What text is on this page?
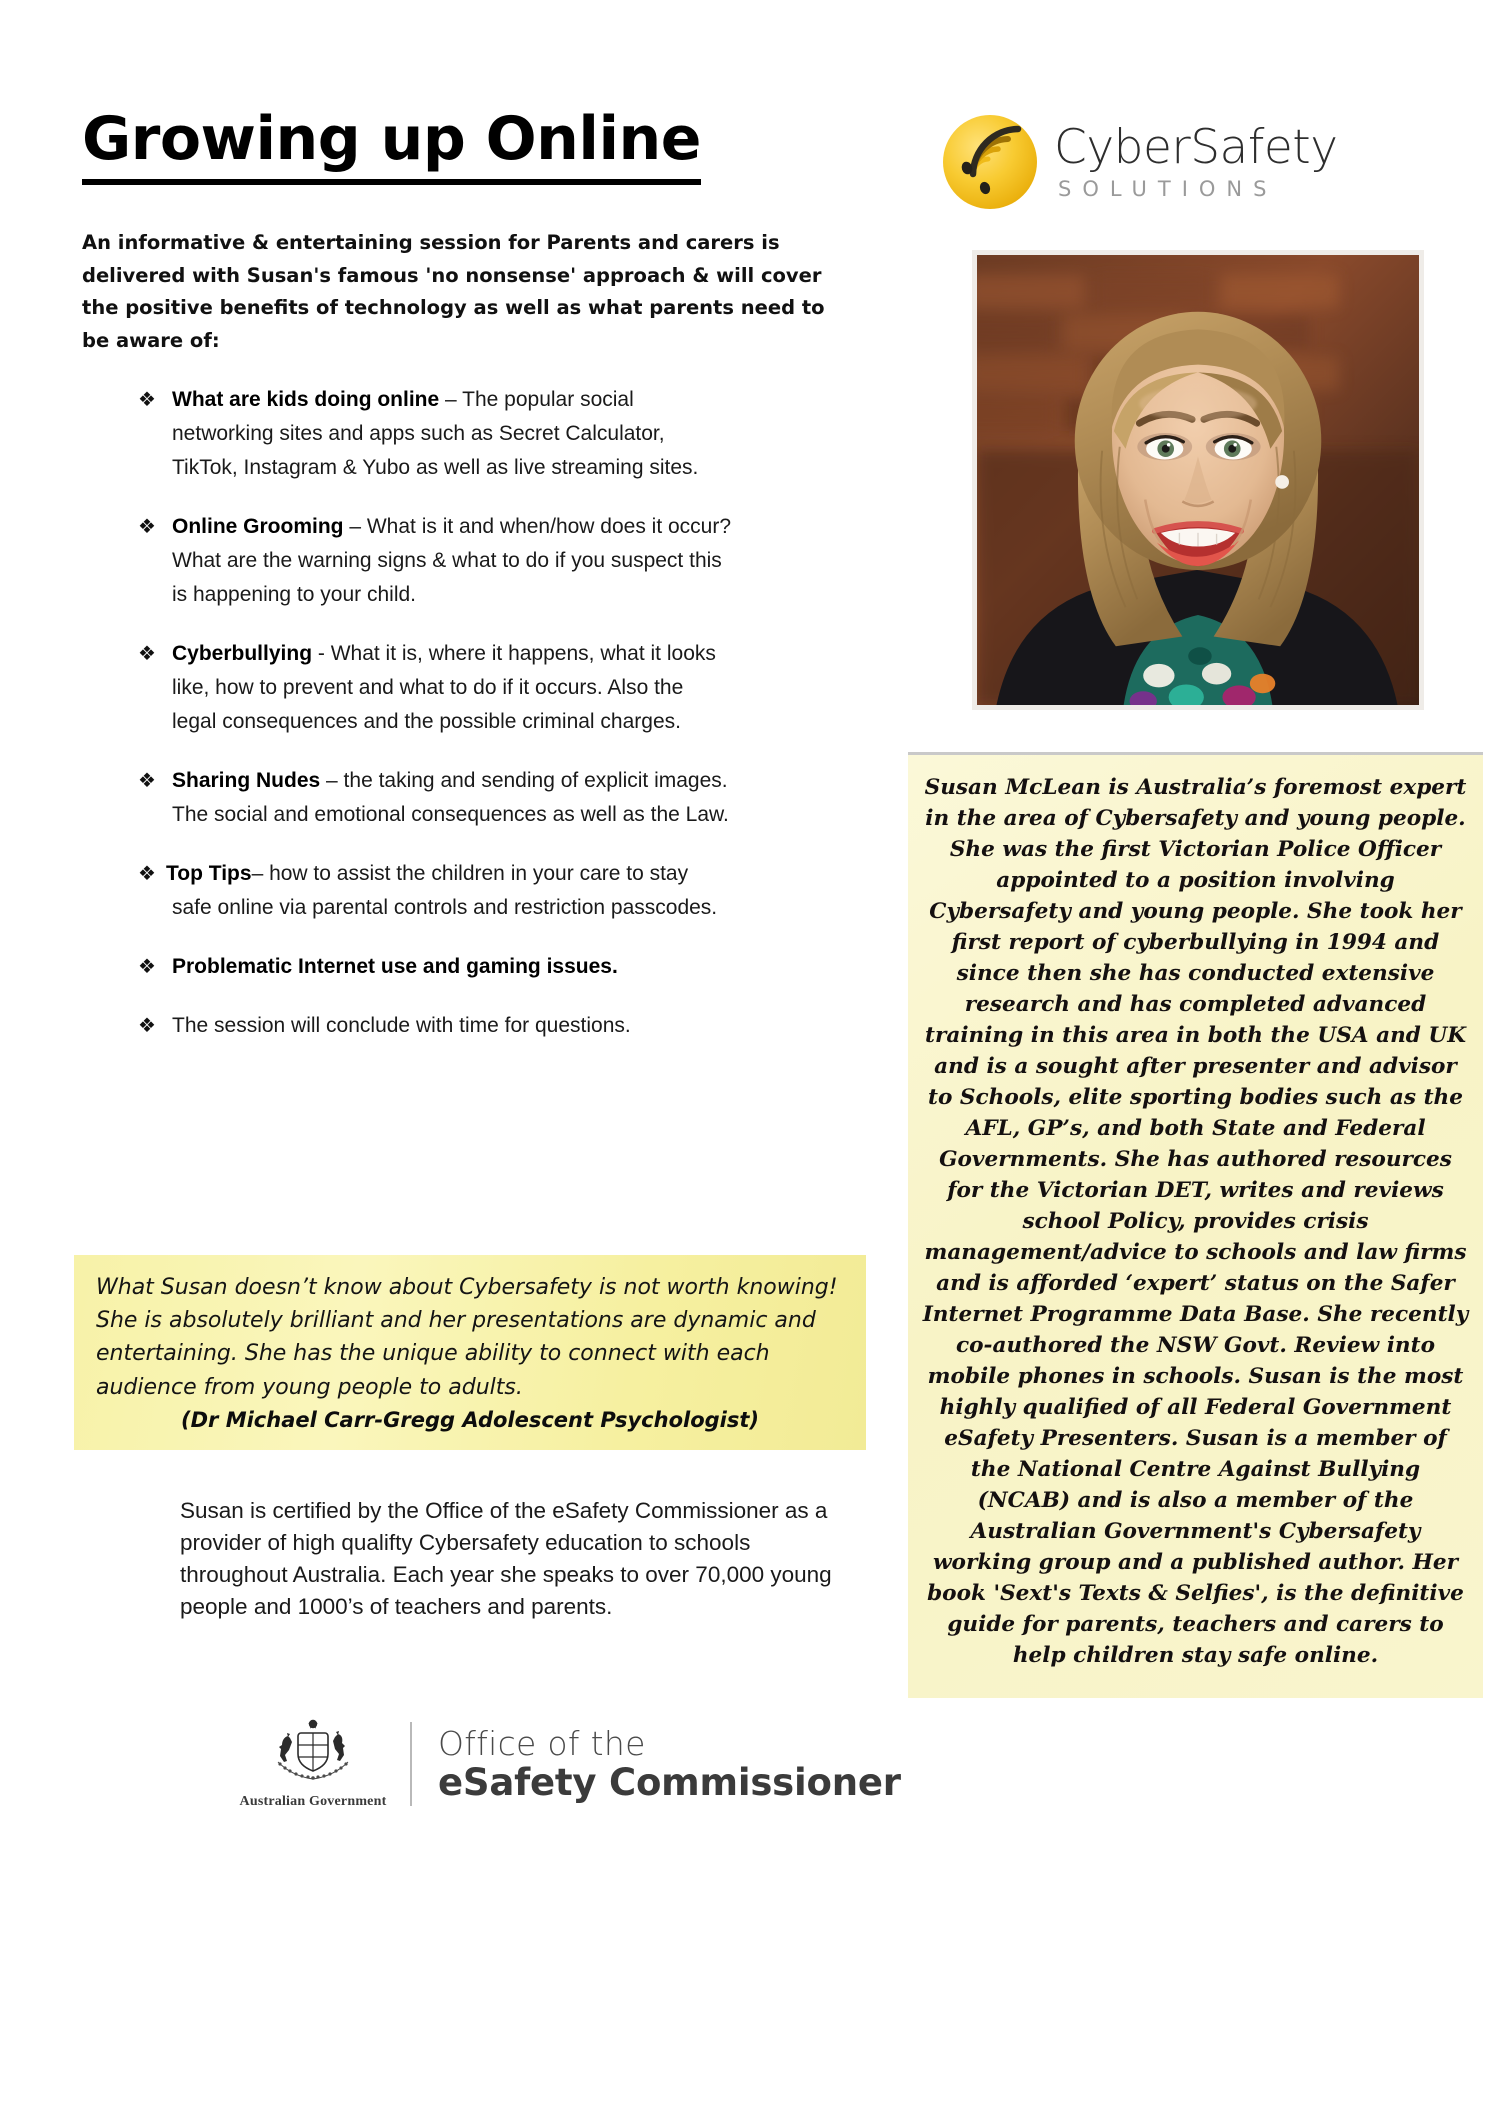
Growing up Online
An informative & entertaining session for Parents and carers is delivered with Susan's famous 'no nonsense' approach & will cover the positive benefits of technology as well as what parents need to be aware of:
❖ What are kids doing online – The popular social networking sites and apps such as Secret Calculator, TikTok, Instagram & Yubo as well as live streaming sites.
❖ Online Grooming – What is it and when/how does it occur? What are the warning signs & what to do if you suspect this is happening to your child.
❖ Cyberbullying - What it is, where it happens, what it looks like, how to prevent and what to do if it occurs. Also the legal consequences and the possible criminal charges.
❖ Sharing Nudes – the taking and sending of explicit images. The social and emotional consequences as well as the Law.
❖ Top Tips– how to assist the children in your care to stay safe online via parental controls and restriction passcodes.
❖ Problematic Internet use and gaming issues.
❖ The session will conclude with time for questions.
What Susan doesn’t know about Cybersafety is not worth knowing! She is absolutely brilliant and her presentations are dynamic and entertaining. She has the unique ability to connect with each audience from young people to adults.
(Dr Michael Carr-Gregg Adolescent Psychologist)
Susan is certified by the Office of the eSafety Commissioner as a provider of high qualifty Cybersafety education to schools throughout Australia. Each year she speaks to over 70,000 young people and 1000’s of teachers and parents.
Australian Government
Office of the
eSafety Commissioner
CyberSafety
SOLUTIONS
Susan McLean is Australia’s foremost expert in the area of Cybersafety and young people. She was the first Victorian Police Officer appointed to a position involving Cybersafety and young people. She took her first report of cyberbullying in 1994 and since then she has conducted extensive research and has completed advanced training in this area in both the USA and UK and is a sought after presenter and advisor to Schools, elite sporting bodies such as the AFL, GP’s, and both State and Federal Governments. She has authored resources for the Victorian DET, writes and reviews school Policy, provides crisis management/advice to schools and law firms and is afforded ‘expert’ status on the Safer Internet Programme Data Base. She recently co-authored the NSW Govt. Review into mobile phones in schools. Susan is the most highly qualified of all Federal Government eSafety Presenters. Susan is a member of the National Centre Against Bullying (NCAB) and is also a member of the Australian Government's Cybersafety working group and a published author. Her book 'Sext's Texts & Selfies', is the definitive guide for parents, teachers and carers to help children stay safe online.
